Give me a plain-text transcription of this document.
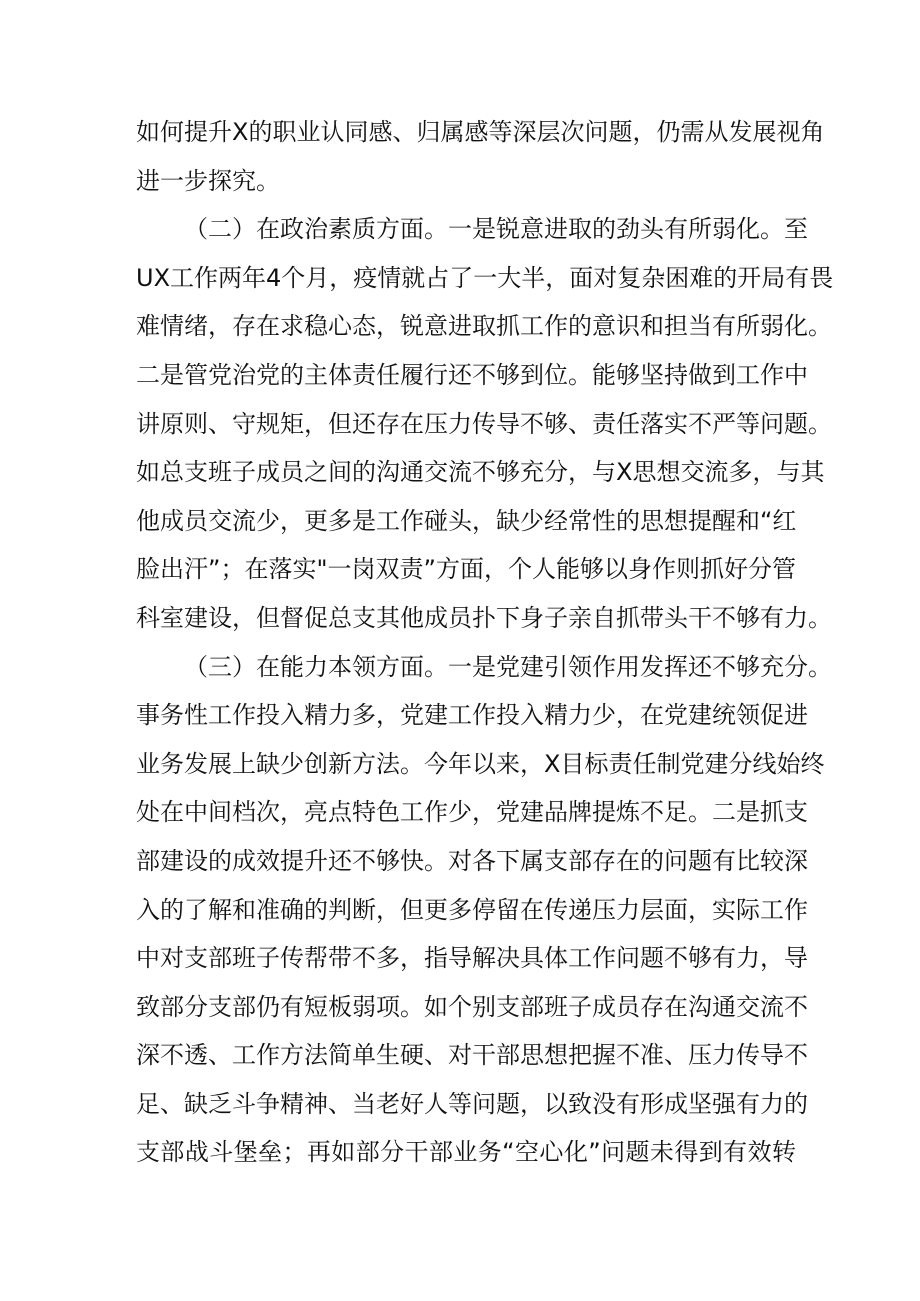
如何提升X的职业认同感、归属感等深层次问题，仍需从发展视角
进一步探究。
（二）在政治素质方面。一是锐意进取的劲头有所弱化。至
UX工作两年4个月，疫情就占了一大半，面对复杂困难的开局有畏
难情绪，存在求稳心态，锐意进取抓工作的意识和担当有所弱化。
二是管党治党的主体责任履行还不够到位。能够坚持做到工作中
讲原则、守规矩，但还存在压力传导不够、责任落实不严等问题。
如总支班子成员之间的沟通交流不够充分，与X思想交流多，与其
他成员交流少，更多是工作碰头，缺少经常性的思想提醒和“红
脸出汗”；在落实"一岗双责”方面，个人能够以身作则抓好分管
科室建设，但督促总支其他成员扑下身子亲自抓带头干不够有力。
（三）在能力本领方面。一是党建引领作用发挥还不够充分。
事务性工作投入精力多，党建工作投入精力少，在党建统领促进
业务发展上缺少创新方法。今年以来，X目标责任制党建分线始终
处在中间档次，亮点特色工作少，党建品牌提炼不足。二是抓支
部建设的成效提升还不够快。对各下属支部存在的问题有比较深
入的了解和准确的判断，但更多停留在传递压力层面，实际工作
中对支部班子传帮带不多，指导解决具体工作问题不够有力，导
致部分支部仍有短板弱项。如个别支部班子成员存在沟通交流不
深不透、工作方法简单生硬、对干部思想把握不准、压力传导不
足、缺乏斗争精神、当老好人等问题，以致没有形成坚强有力的
支部战斗堡垒；再如部分干部业务“空心化”问题未得到有效转
